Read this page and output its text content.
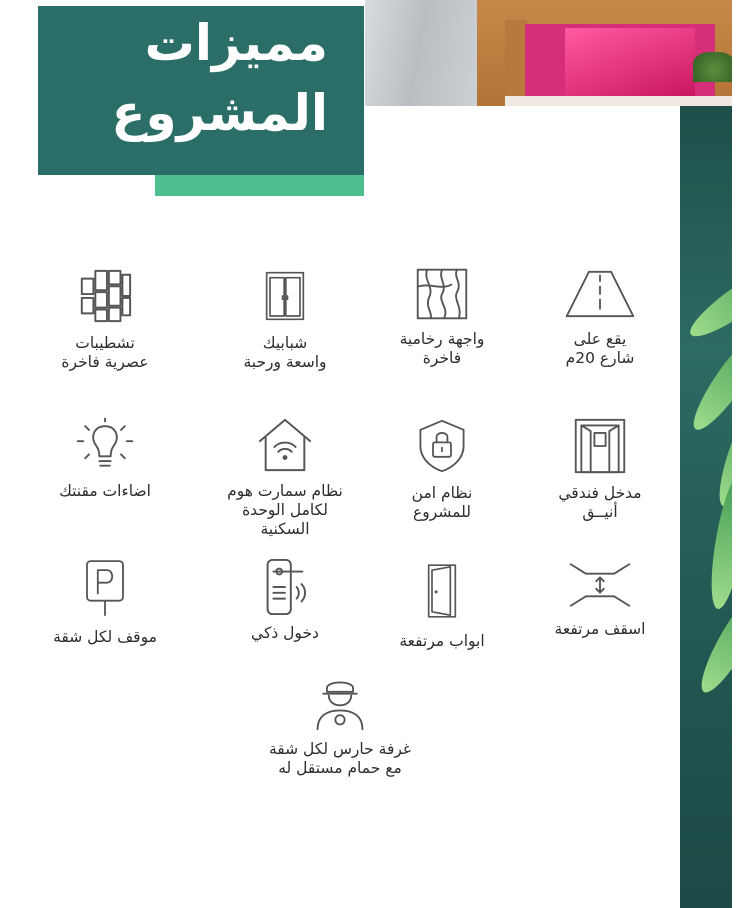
مميزات
المشروع
يقع على
شارع 20م
واجهة رخامية
فاخرة
شبابيك
واسعة ورحبة
تشطيبات
عصرية فاخرة
مدخل فندقي
أنيــق
نظام امن
للمشروع
نظام سمارت هوم
لكامل الوحدة
السكنية
اضاءات مقنتك
اسقف مرتفعة
ابواب مرتفعة
دخول ذكي
موقف لكل شقة
غرفة حارس لكل شقة
مع حمام مستقل له
